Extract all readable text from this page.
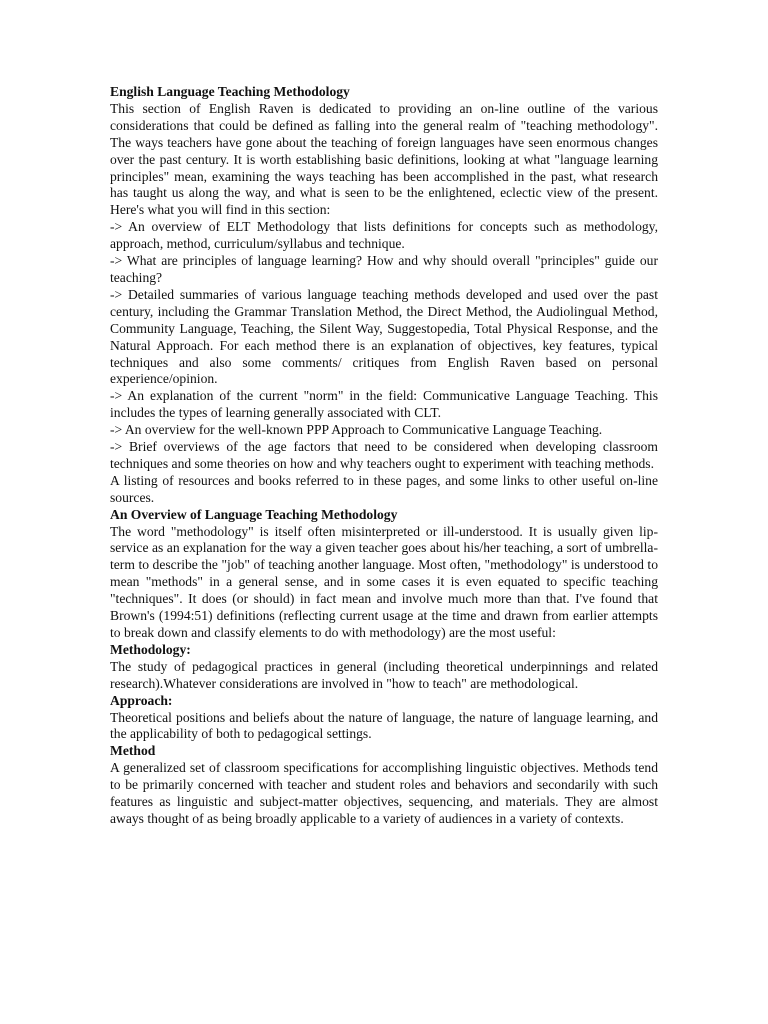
English Language Teaching Methodology

This section of English Raven is dedicated to providing an on-line outline of the various considerations that could be defined as falling into the general realm of "teaching methodology". The ways teachers have gone about the teaching of foreign languages have seen enormous changes over the past century. It is worth establishing basic definitions, looking at what "language learning principles" mean, examining the ways teaching has been accomplished in the past, what research has taught us along the way, and what is seen to be the enlightened, eclectic view of the present. Here's what you will find in this section:

-> An overview of ELT Methodology that lists definitions for concepts such as methodology, approach, method, curriculum/syllabus and technique.

-> What are principles of language learning? How and why should overall "principles" guide our teaching?

-> Detailed summaries of various language teaching methods developed and used over the past century, including the Grammar Translation Method, the Direct Method, the Audiolingual Method, Community Language, Teaching, the Silent Way, Suggestopedia, Total Physical Response, and the Natural Approach. For each method there is an explanation of objectives, key features, typical techniques and also some comments/ critiques from English Raven based on personal experience/opinion.

-> An explanation of the current "norm" in the field: Communicative Language Teaching. This includes the types of learning generally associated with CLT.

-> An overview for the well-known PPP Approach to Communicative Language Teaching.

-> Brief overviews of the age factors that need to be considered when developing classroom techniques and some theories on how and why teachers ought to experiment with teaching methods.

A listing of resources and books referred to in these pages, and some links to other useful on-line sources.

An Overview of Language Teaching Methodology

The word "methodology" is itself often misinterpreted or ill-understood. It is usually given lip-service as an explanation for the way a given teacher goes about his/her teaching, a sort of umbrella-term to describe the "job" of teaching another language. Most often, "methodology" is understood to mean "methods" in a general sense, and in some cases it is even equated to specific teaching "techniques". It does (or should) in fact mean and involve much more than that. I've found that Brown's (1994:51) definitions (reflecting current usage at the time and drawn from earlier attempts to break down and classify elements to do with methodology) are the most useful:

Methodology:

The study of pedagogical practices in general (including theoretical underpinnings and related research).Whatever considerations are involved in "how to teach" are methodological.

Approach:

Theoretical positions and beliefs about the nature of language, the nature of language learning, and the applicability of both to pedagogical settings.

Method

A generalized set of classroom specifications for accomplishing linguistic objectives. Methods tend to be primarily concerned with teacher and student roles and behaviors and secondarily with such features as linguistic and subject-matter objectives, sequencing, and materials. They are almost aways thought of as being broadly applicable to a variety of audiences in a variety of contexts.
